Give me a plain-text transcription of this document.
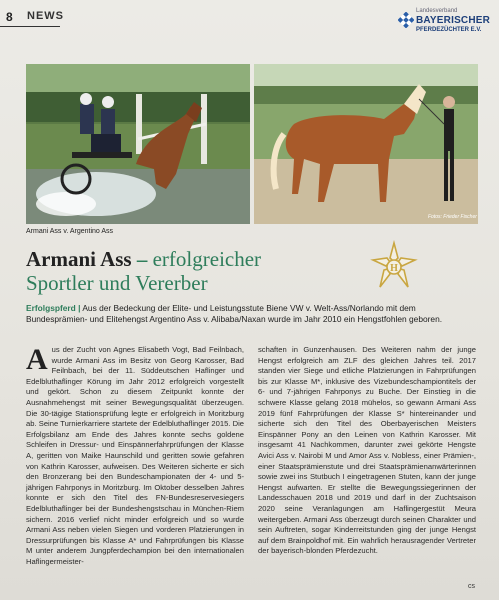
8 NEWS	Landesverband
BAYERISCHER
PFERDEZÜCHTER E.V.
Fotos: Frieder Fischer
Armani Ass v. Argentino Ass
Armani Ass – erfolgreicher
Sportler und Vererber
H
Erfolgspferd | Aus der Bedeckung der Elite- und Leistungsstute Biene VW v. Welt-Ass/Norlando mit dem Bundesprämien- und Elitehengst Argentino Ass v. Alibaba/Naxan wurde im Jahr 2010 ein Hengstfohlen geboren.
A us der Zucht von Agnes Elisabeth Vogt, Bad Feilnbach, wurde Armani Ass im Besitz von Georg Karosser, Bad Feilnbach, bei der 11. Süddeutschen Haflinger und Edelbluthaflinger Körung im Jahr 2012 erfolgreich vorgestellt und gekört. Schon zu diesem Zeitpunkt konnte der Ausnahmehengst mit seiner Bewegungsqualität überzeugen. Die 30-tägige Stationsprüfung legte er erfolgreich in Moritzburg ab. Seine Turnierkarriere startete der Edelbluthaflinger 2015. Die Erfolgsbilanz am Ende des Jahres konnte sechs goldene Schleifen in Dressur- und Einspännerfahrprüfungen der Klasse A, geritten von Maike Haunschild und geritten sowie gefahren von Kathrin Karosser, aufweisen. Des Weiteren sicherte er sich den Bronzerang bei den Bundeschampionaten der 4- und 5-jährigen Fahrponys in Moritzburg. Im Oktober desselben Jahres konnte er sich den Titel des FN-Bundesreservesiegers Edelbluthaflinger bei der Bundeshengstschau in München-Riem sichern. 2016 verlief nicht minder erfolgreich und so wurde Armani Ass neben vielen Siegen und vorderen Platzierungen in Dressurprüfungen bis Klasse A* und Fahrprüfungen bis Klasse M unter anderem Jungpferdechampion bei den internationalen Haflingermeister-

schaften in Gunzenhausen. Des Weiteren nahm der junge Hengst erfolgreich am ZLF des gleichen Jahres teil. 2017 standen vier Siege und etliche Platzierungen in Fahrprüfungen bis zur Klasse M*, inklusive des Vizebundeschampiontitels der 6- und 7-jährigen Fahrponys zu Buche. Der Einstieg in die schwere Klasse gelang 2018 mühelos, so gewann Armani Ass 2019 fünf Fahrprüfungen der Klasse S* hintereinander und sicherte sich den Titel des Oberbayerischen Meisters Einspänner Pony an den Leinen von Kathrin Karosser. Mit insgesamt 41 Nachkommen, darunter zwei gekörte Hengste Avici Ass v. Nairobi M und Amor Ass v. Nobless, einer Prämien-, einer Staatsprämienstute und drei Staatsprämienanwärterinnen sowie zwei ins Stutbuch I eingetragenen Stuten, kann der junge Hengst aufwarten. Er stellte die Bewegungssiegerinnen der Landesschauen 2018 und 2019 und darf in der Zuchtsaison 2020 seine Veranlagungen am Haflingergestüt Meura weitergeben. Armani Ass überzeugt durch seinen Charakter und sein Auftreten, sogar Kinderreitstunden ging der junge Hengst auf dem Brainpoldhof mit. Ein wahrlich herausragender Vertreter der bayerisch-blonden Pferdezucht.

cs
